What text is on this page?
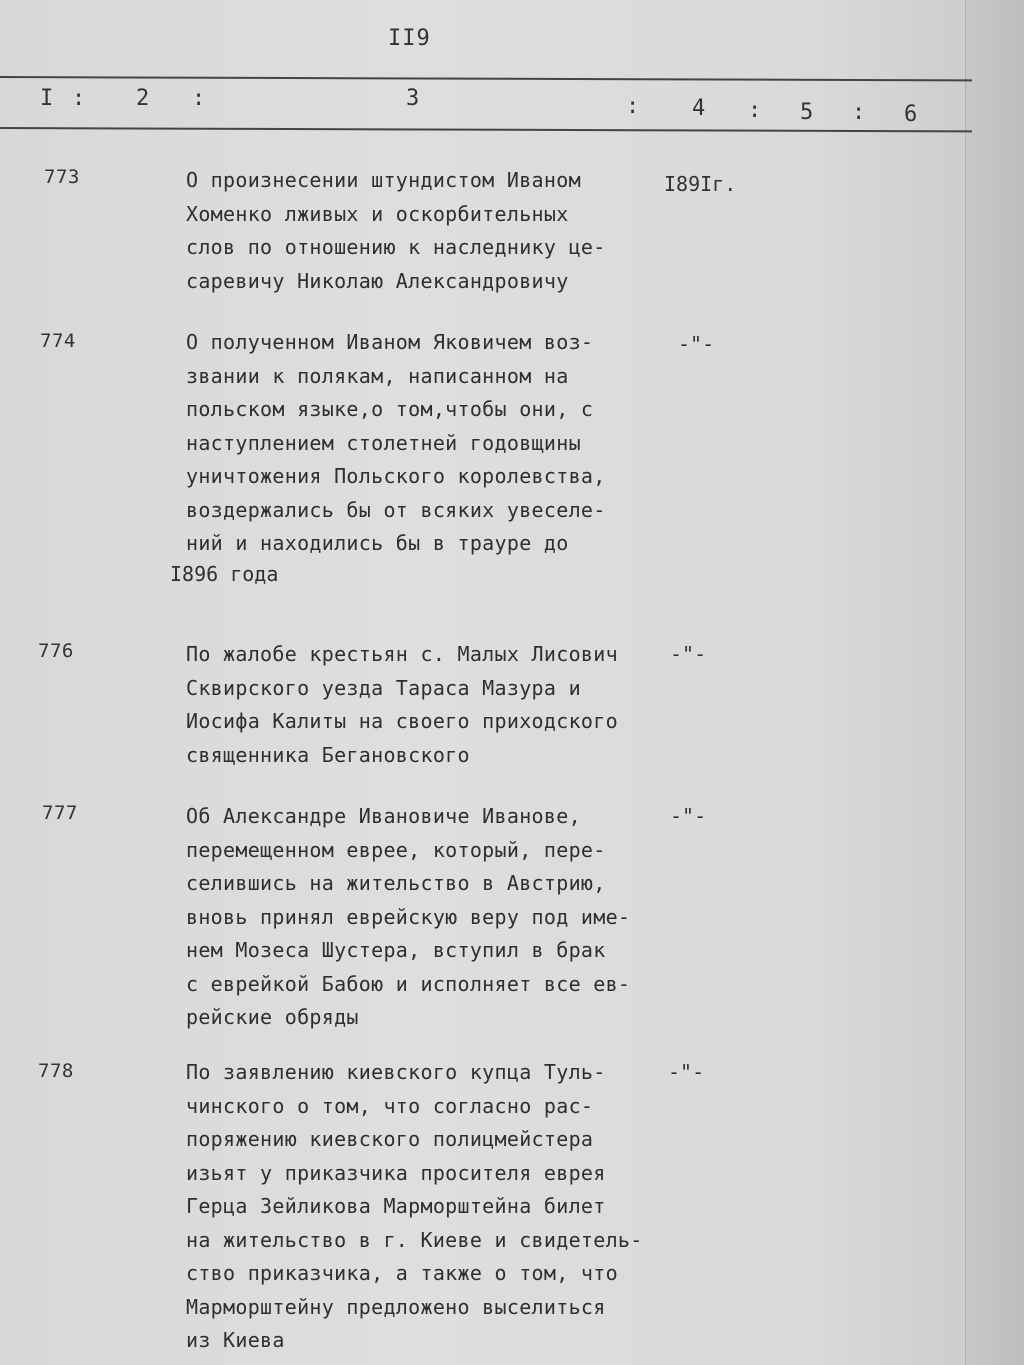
II9
I : 2 :	3	: 4 : 5 : 6
773	О произнесении штундистом Иваном
Хоменко лживых и оскорбительных
слов по отношению к наследнику це-
саревичу Николаю Александровичу
I89Iг.
774	О полученном Иваном Яковичем воз-
звании к полякам, написанном на
польском языке,о том,чтобы они, с
наступлением столетней годовщины
уничтожения Польского королевства,
воздержались бы от всяких увеселе-
ний и находились бы в трауре до
I896 года
-"-
776	По жалобе крестьян с. Малых Лисович
Сквирского уезда Тараса Мазура и
Иосифа Калиты на своего приходского
священника Бегановского
-"-
777	Об Александре Ивановиче Иванове,
перемещенном еврее, который, пере-
селившись на жительство в Австрию,
вновь принял еврейскую веру под име-
нем Мозеса Шустера, вступил в брак
с еврейкой Бабою и исполняет все ев-
рейские обряды
-"-
778	По заявлению киевского купца Туль-
чинского о том, что согласно рас-
поряжению киевского полицмейстера
изьят у приказчика просителя еврея
Герца Зейликова Марморштейна билет
на жительство в г. Киеве и свидетель-
ство приказчика, а также о том, что
Марморштейну предложено выселиться
из Киева
-"-
